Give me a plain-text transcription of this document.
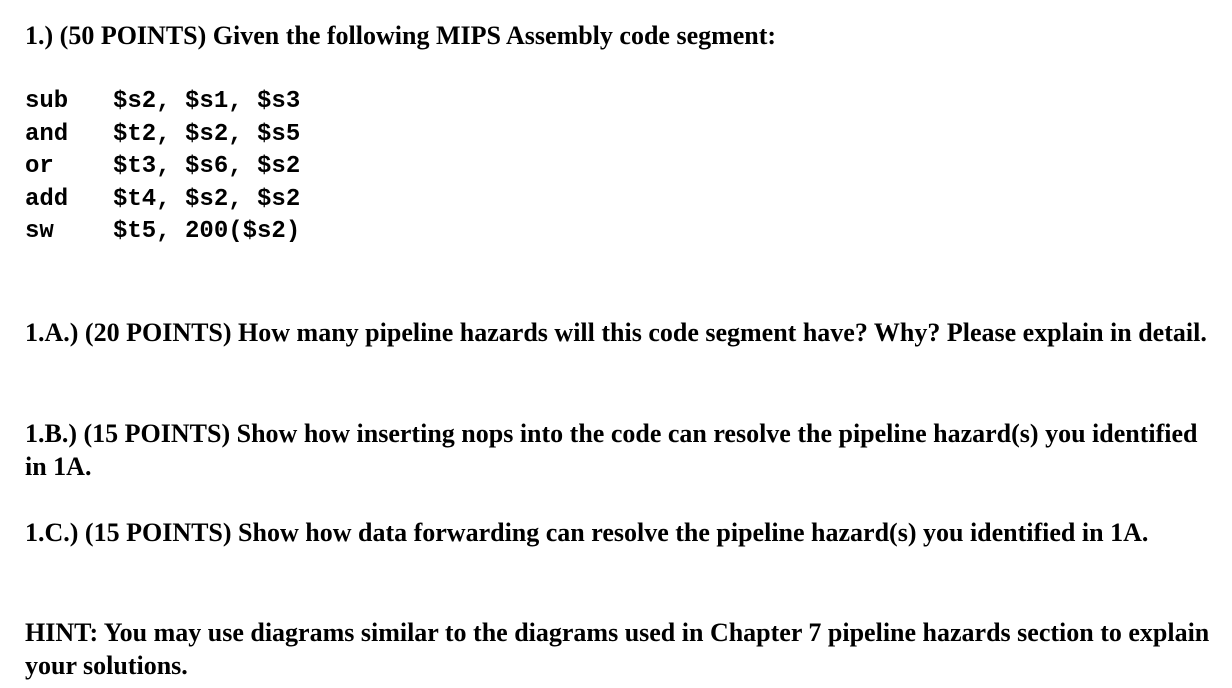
1.) (50 POINTS) Given the following MIPS Assembly code segment:

sub	$s2, $s1, $s3
and	$t2, $s2, $s5
or	$t3, $s6, $s2
add	$t4, $s2, $s2
sw	$t5, 200($s2)

1.A.) (20 POINTS) How many pipeline hazards will this code segment have? Why? Please explain in detail.

1.B.) (15 POINTS) Show how inserting nops into the code can resolve the pipeline hazard(s) you identified in 1A.

1.C.) (15 POINTS) Show how data forwarding can resolve the pipeline hazard(s) you identified in 1A.

HINT: You may use diagrams similar to the diagrams used in Chapter 7 pipeline hazards section to explain your solutions.
